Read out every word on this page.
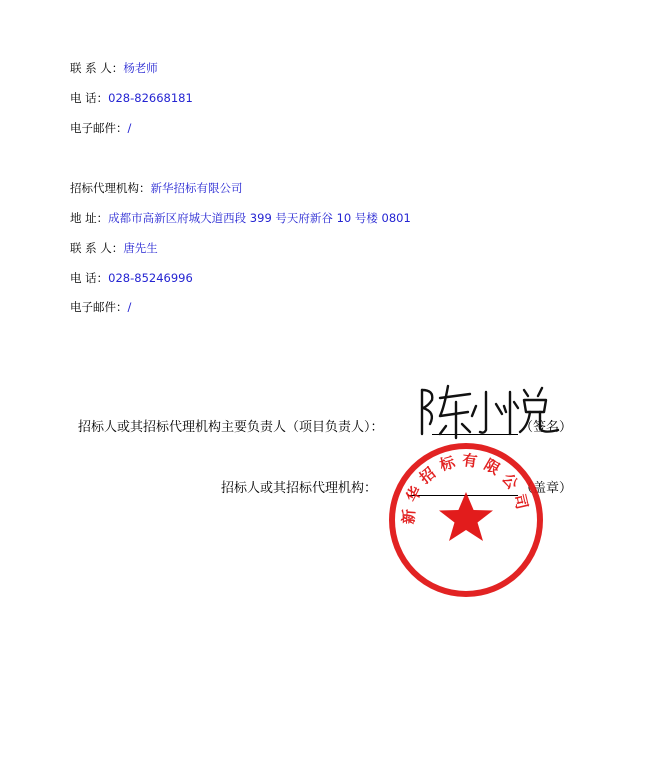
联 系 人：杨老师
电 话：028-82668181
电子邮件：/
招标代理机构：新华招标有限公司
地 址：成都市高新区府城大道西段 399 号天府新谷 10 号楼 0801
联 系 人：唐先生
电 话：028-85246996
电子邮件：/
招标人或其招标代理机构主要负责人（项目负责人）：	（签名）
招标人或其招标代理机构：	（盖章）
新华招标有限公司
